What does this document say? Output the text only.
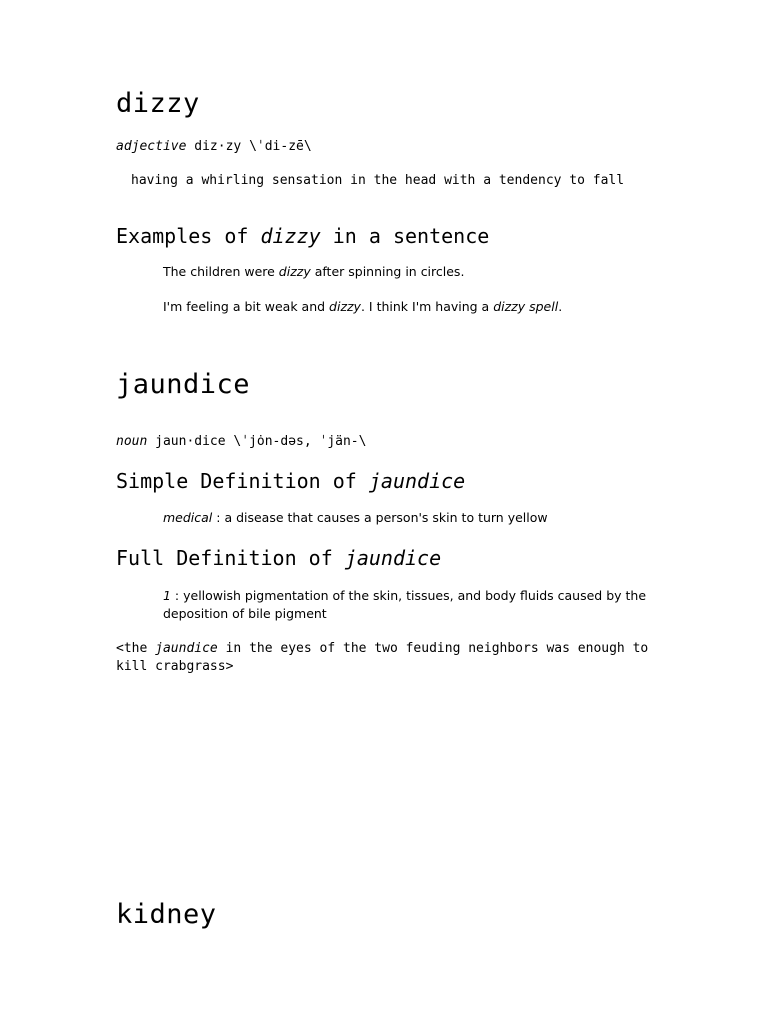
dizzy
adjective diz·zy \ˈdi-zē\
having a whirling sensation in the head with a tendency to fall
Examples of dizzy in a sentence
The children were dizzy after spinning in circles.
I'm feeling a bit weak and dizzy. I think I'm having a dizzy spell.
jaundice
noun jaun·dice \ˈjȯn-dəs, ˈjän-\
Simple Definition of jaundice
medical : a disease that causes a person's skin to turn yellow
Full Definition of jaundice
1 : yellowish pigmentation of the skin, tissues, and body fluids caused by the deposition of bile pigment
<the jaundice in the eyes of the two feuding neighbors was enough to kill crabgrass>
kidney
